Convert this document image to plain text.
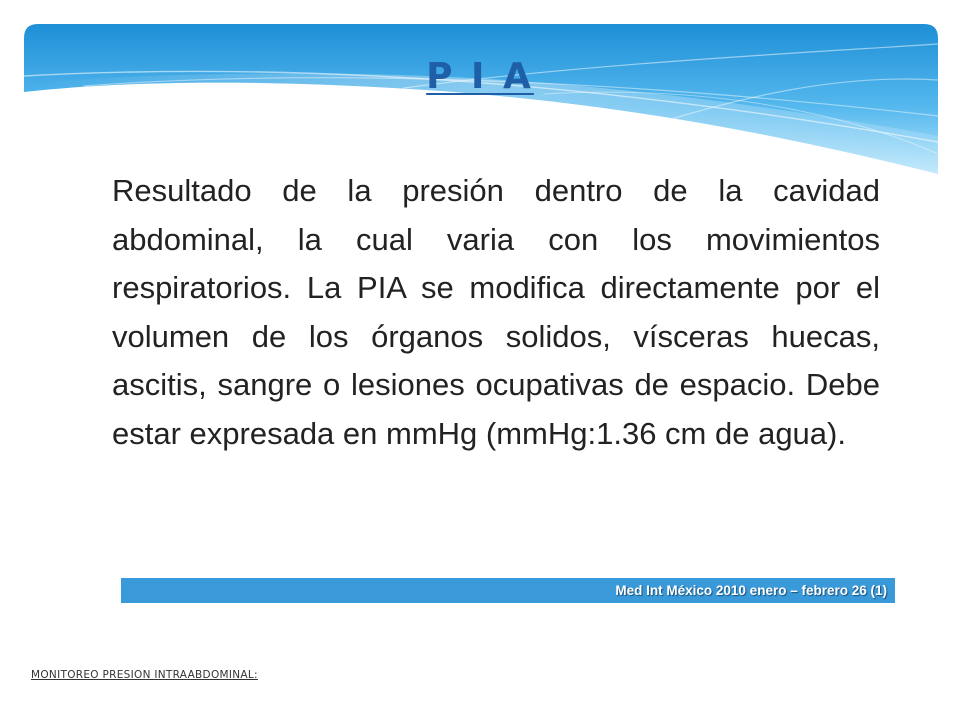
P I A

Resultado de la presión dentro de la cavidad abdominal, la cual varia con los movimientos respiratorios. La PIA se modifica directamente por el volumen de los órganos solidos, vísceras huecas, ascitis, sangre o lesiones ocupativas de espacio. Debe estar expresada en mmHg (mmHg:1.36 cm de agua).

Med Int México 2010 enero – febrero 26 (1)
MONITOREO PRESION INTRAABDOMINAL:
